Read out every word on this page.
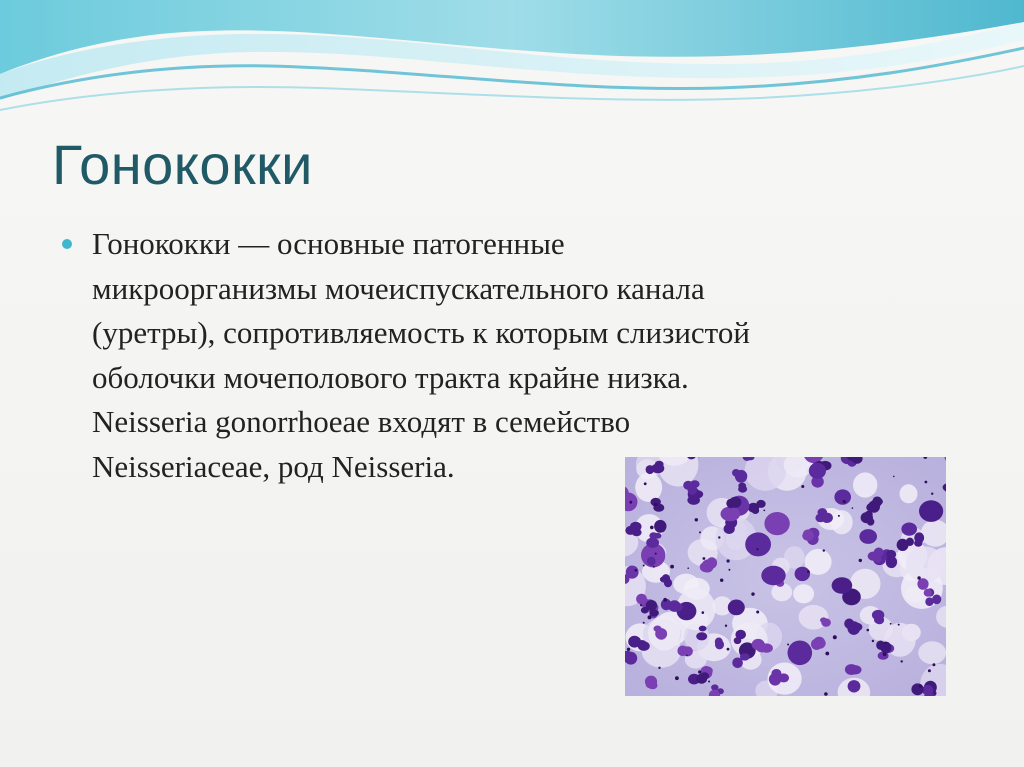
Гонококки
Гонококки — основные патогенные
микроорганизмы мочеиспускательного канала
(уретры), сопротивляемость к которым слизистой
оболочки мочеполового тракта крайне низка.
Neisseria gonorrhoeae входят в семейство
Neisseriaceae, род Neisseria.
